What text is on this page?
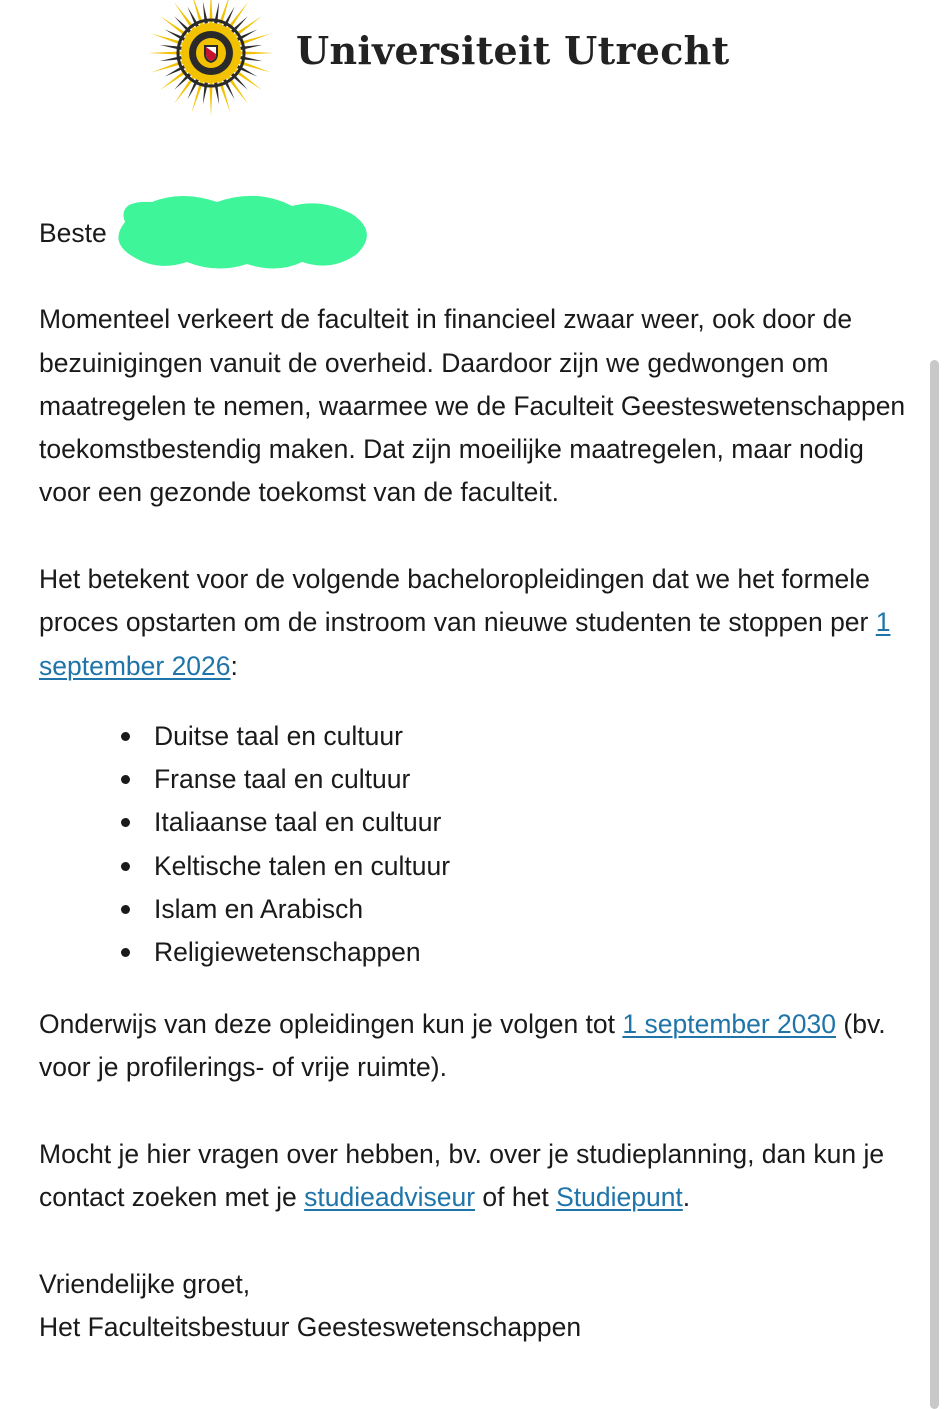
Universiteit Utrecht
Beste

Momenteel verkeert de faculteit in financieel zwaar weer, ook door de bezuinigingen vanuit de overheid. Daardoor zijn we gedwongen om maatregelen te nemen, waarmee we de Faculteit Geesteswetenschappen toekomstbestendig maken. Dat zijn moeilijke maatregelen, maar nodig voor een gezonde toekomst van de faculteit.

Het betekent voor de volgende bacheloropleidingen dat we het formele proces opstarten om de instroom van nieuwe studenten te stoppen per 1 september 2026:

Duitse taal en cultuur
Franse taal en cultuur
Italiaanse taal en cultuur
Keltische talen en cultuur
Islam en Arabisch
Religiewetenschappen

Onderwijs van deze opleidingen kun je volgen tot 1 september 2030 (bv. voor je profilerings- of vrije ruimte).

Mocht je hier vragen over hebben, bv. over je studieplanning, dan kun je contact zoeken met je studieadviseur of het Studiepunt.

Vriendelijke groet,

Het Faculteitsbestuur Geesteswetenschappen
